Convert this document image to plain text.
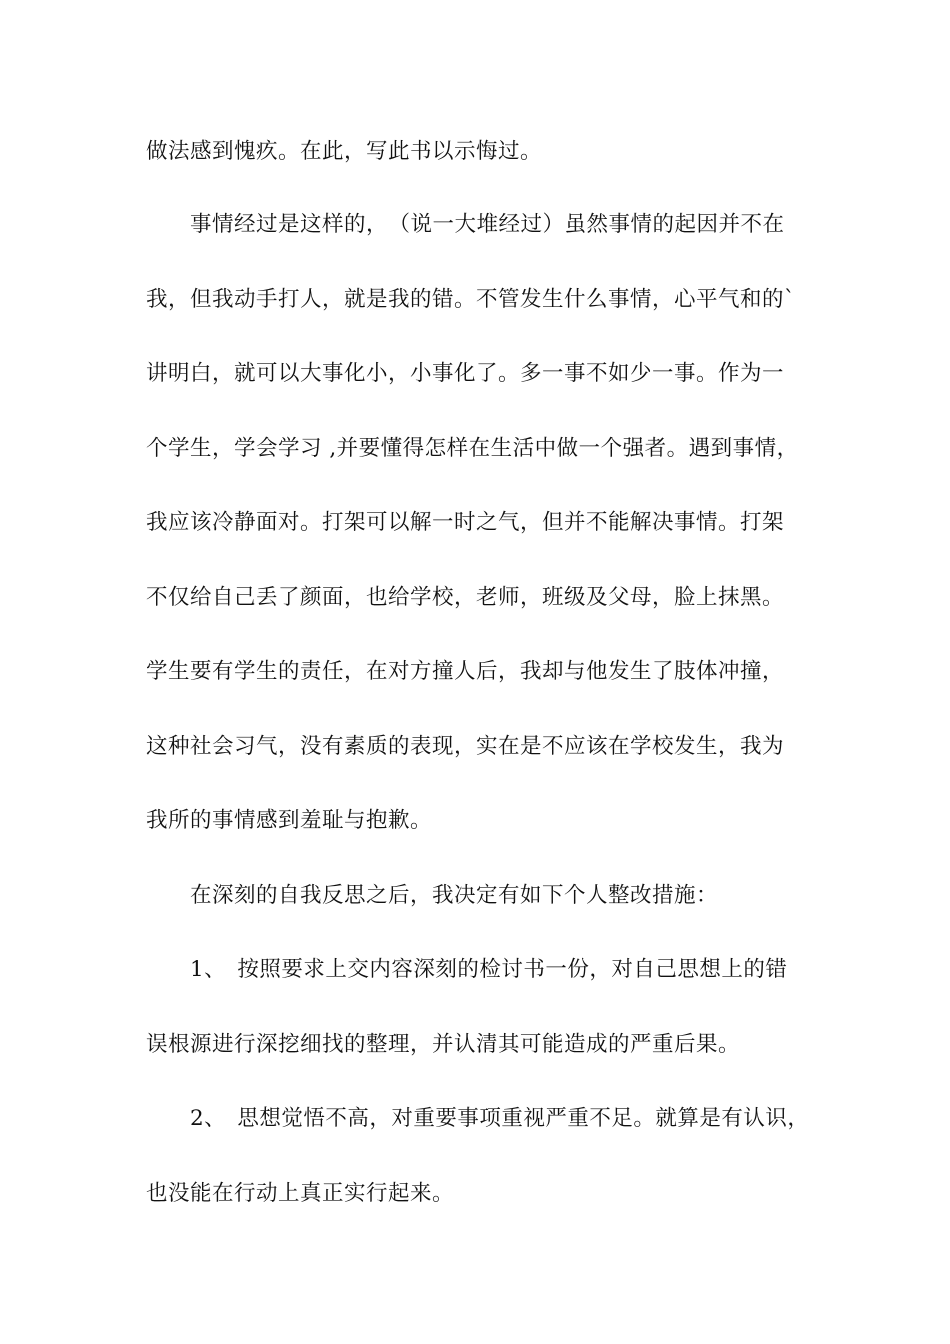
做法感到愧疚。在此，写此书以示悔过。
　　事情经过是这样的，　（说一大堆经过）虽然事情的起因并不在
我，但我动手打人，就是我的错。不管发生什么事情，心平气和的`
讲明白，就可以大事化小，小事化了。多一事不如少一事。作为一
个学生，学会学习 ,并要懂得怎样在生活中做一个强者。遇到事情，
我应该冷静面对。打架可以解一时之气，但并不能解决事情。打架
不仅给自己丢了颜面，也给学校，老师，班级及父母，脸上抹黑。
学生要有学生的责任，在对方撞人后，我却与他发生了肢体冲撞，
这种社会习气，没有素质的表现，实在是不应该在学校发生，我为
我所的事情感到羞耻与抱歉。
　　在深刻的自我反思之后，我决定有如下个人整改措施：
　　1、　按照要求上交内容深刻的检讨书一份，对自己思想上的错
误根源进行深挖细找的整理，并认清其可能造成的严重后果。
　　2、　思想觉悟不高，对重要事项重视严重不足。就算是有认识，
也没能在行动上真正实行起来。
